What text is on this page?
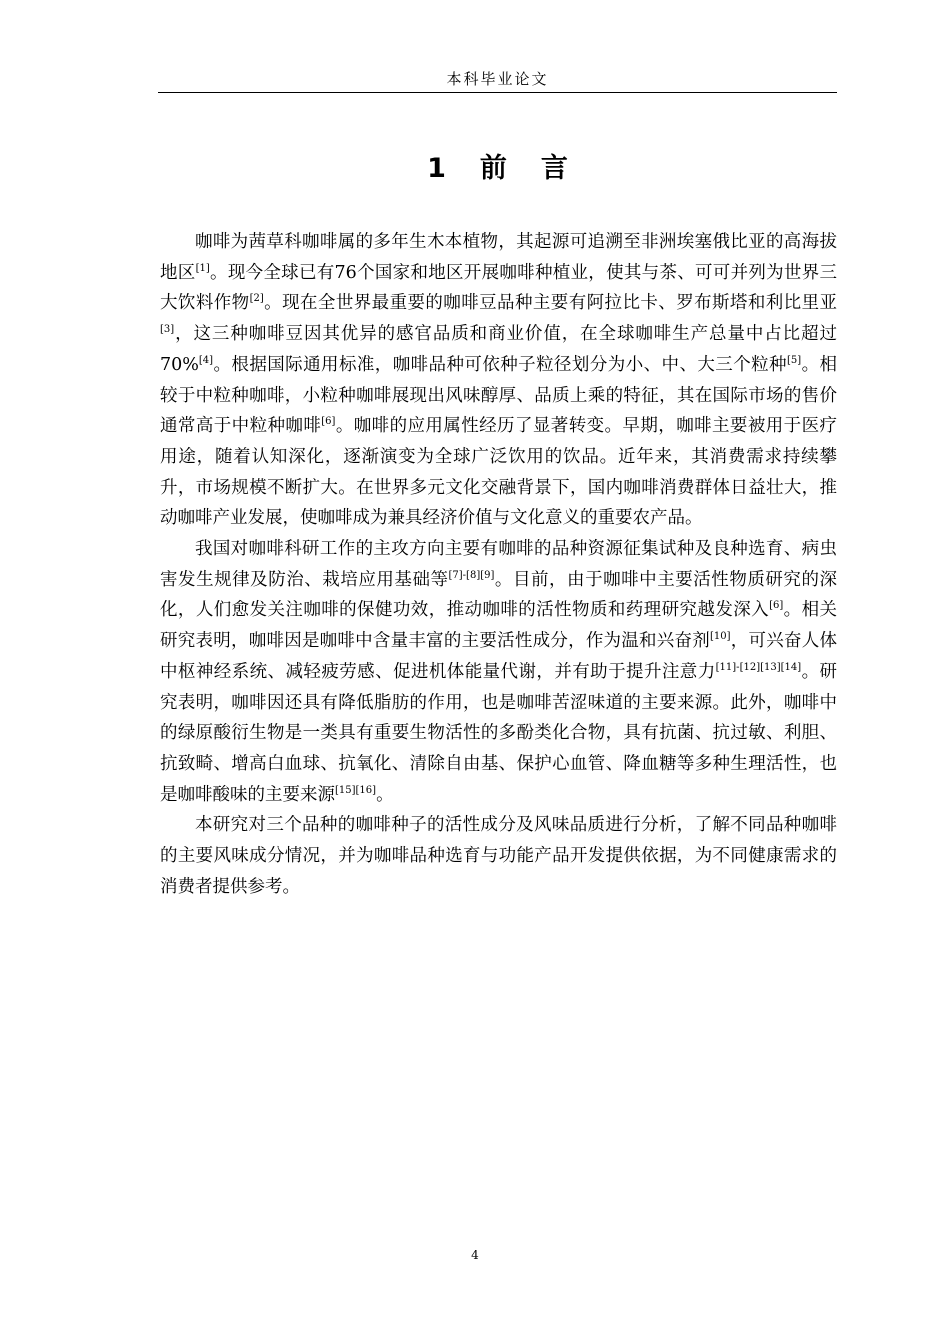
本科毕业论文
1 前言

咖啡为茜草科咖啡属的多年生木本植物，其起源可追溯至非洲埃塞俄比亚的高海拔地区[1]。现今全球已有76个国家和地区开展咖啡种植业，使其与茶、可可并列为世界三大饮料作物[2]。现在全世界最重要的咖啡豆品种主要有阿拉比卡、罗布斯塔和利比里亚[3]，这三种咖啡豆因其优异的感官品质和商业价值，在全球咖啡生产总量中占比超过70%[4]。根据国际通用标准，咖啡品种可依种子粒径划分为小、中、大三个粒种[5]。相较于中粒种咖啡，小粒种咖啡展现出风味醇厚、品质上乘的特征，其在国际市场的售价通常高于中粒种咖啡[6]。咖啡的应用属性经历了显著转变。早期，咖啡主要被用于医疗用途，随着认知深化，逐渐演变为全球广泛饮用的饮品。近年来，其消费需求持续攀升，市场规模不断扩大。在世界多元文化交融背景下，国内咖啡消费群体日益壮大，推动咖啡产业发展，使咖啡成为兼具经济价值与文化意义的重要农产品。

我国对咖啡科研工作的主攻方向主要有咖啡的品种资源征集试种及良种选育、病虫害发生规律及防治、栽培应用基础等[7]-[8][9]。目前，由于咖啡中主要活性物质研究的深化，人们愈发关注咖啡的保健功效，推动咖啡的活性物质和药理研究越发深入[6]。相关研究表明，咖啡因是咖啡中含量丰富的主要活性成分，作为温和兴奋剂[10]，可兴奋人体中枢神经系统、减轻疲劳感、促进机体能量代谢，并有助于提升注意力[11]-[12][13][14]。研究表明，咖啡因还具有降低脂肪的作用，也是咖啡苦涩味道的主要来源。此外，咖啡中的绿原酸衍生物是一类具有重要生物活性的多酚类化合物，具有抗菌、抗过敏、利胆、抗致畸、增高白血球、抗氧化、清除自由基、保护心血管、降血糖等多种生理活性，也是咖啡酸味的主要来源[15][16]。

本研究对三个品种的咖啡种子的活性成分及风味品质进行分析，了解不同品种咖啡的主要风味成分情况，并为咖啡品种选育与功能产品开发提供依据，为不同健康需求的消费者提供参考。

4
